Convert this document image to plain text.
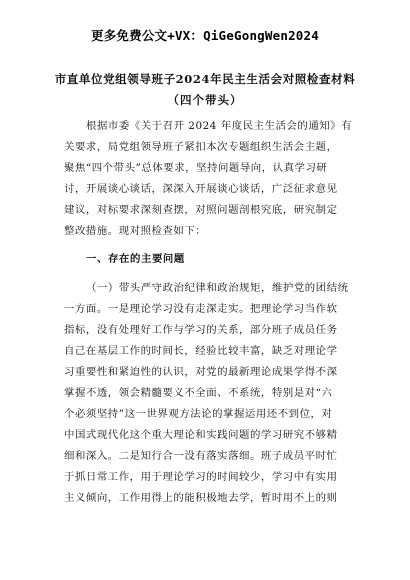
更多免费公文+VX：QiGeGongWen2024
市直单位党组领导班子2024年民主生活会对照检查材料
（四个带头）
根据市委《关于召开 2024 年度民主生活会的通知》有
关要求，局党组领导班子紧扣本次专题组织生活会主题，
聚焦“四个带头”总体要求，坚持问题导向，认真学习研
讨，开展谈心谈话，深深入开展谈心谈话，广泛征求意见
建议，对标要求深刻查摆，对照问题剖根究底，研究制定
整改措施。现对照检查如下：
一、存在的主要问题
（一）带头严守政治纪律和政治规矩，维护党的团结统
一方面。一是理论学习没有走深走实。把理论学习当作软
指标，没有处理好工作与学习的关系，部分班子成员任务
自己在基层工作的时间长，经验比较丰富，缺乏对理论学
习重要性和紧迫性的认识，对党的最新理论成果学得不深
掌握不透，领会精髓要义不全面、不系统，特别是对“六
个必须坚持”这一世界观方法论的掌握运用还不到位，对
中国式现代化这个重大理论和实践问题的学习研究不够精
细和深入。二是知行合一没有落实落细。班子成员平时忙
于抓日常工作，用于理论学习的时间较少，学习中有实用
主义倾向，工作用得上的能积极地去学，暂时用不上的则
